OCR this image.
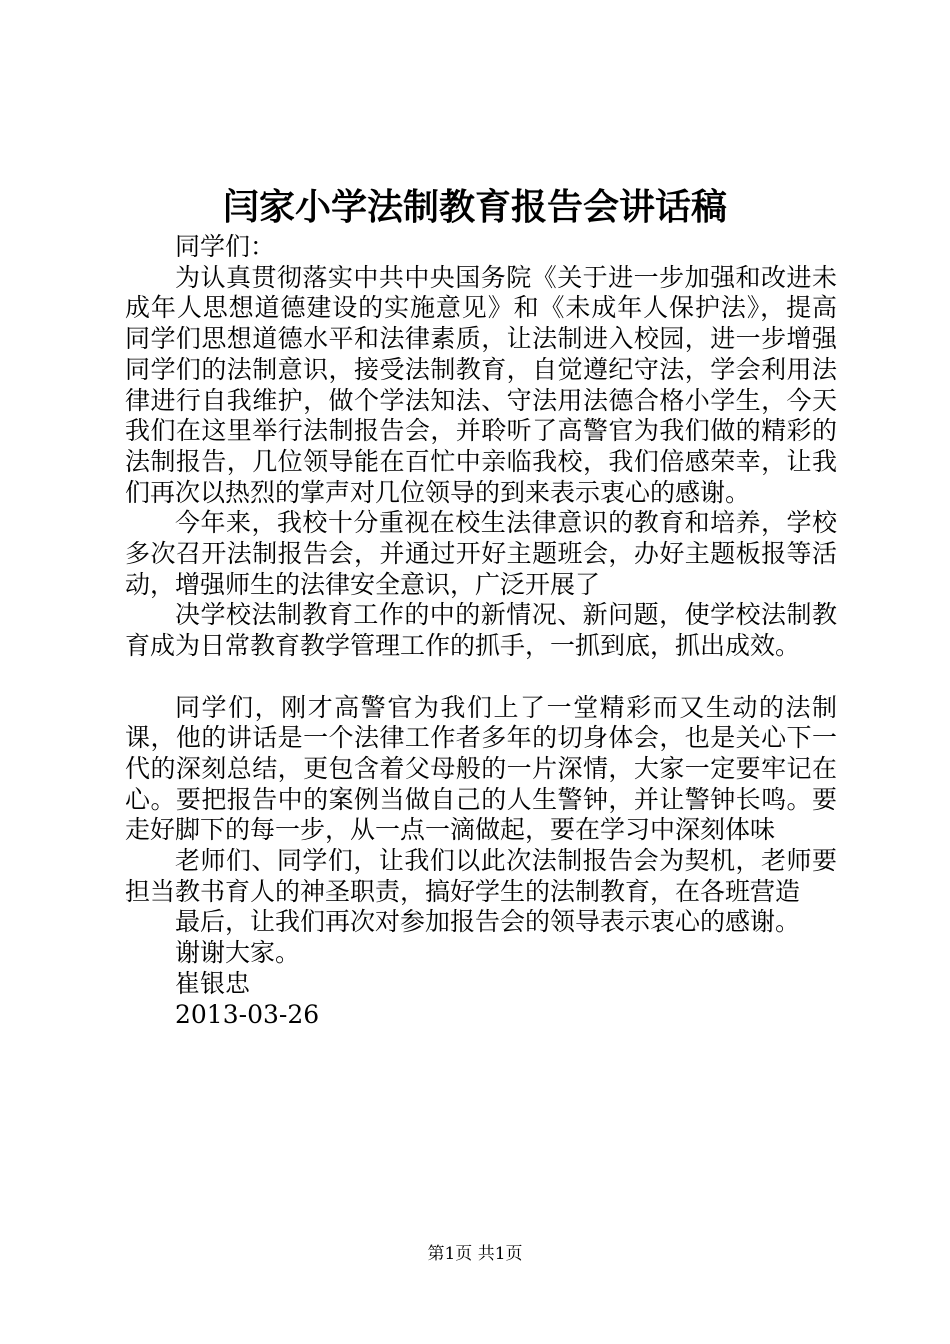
闫家小学法制教育报告会讲话稿

同学们：

为认真贯彻落实中共中央国务院《关于进一步加强和改进未成年人思想道德建设的实施意见》和《未成年人保护法》，提高同学们思想道德水平和法律素质，让法制进入校园，进一步增强同学们的法制意识，接受法制教育，自觉遵纪守法，学会利用法律进行自我维护，做个学法知法、守法用法德合格小学生，今天我们在这里举行法制报告会，并聆听了高警官为我们做的精彩的法制报告，几位领导能在百忙中亲临我校，我们倍感荣幸，让我们再次以热烈的掌声对几位领导的到来表示衷心的感谢。

今年来，我校十分重视在校生法律意识的教育和培养，学校多次召开法制报告会，并通过开好主题班会，办好主题板报等活动，增强师生的法律安全意识，广泛开展了

决学校法制教育工作的中的新情况、新问题，使学校法制教育成为日常教育教学管理工作的抓手，一抓到底，抓出成效。

同学们，刚才高警官为我们上了一堂精彩而又生动的法制课，他的讲话是一个法律工作者多年的切身体会，也是关心下一代的深刻总结，更包含着父母般的一片深情，大家一定要牢记在心。要把报告中的案例当做自己的人生警钟，并让警钟长鸣。要走好脚下的每一步，从一点一滴做起，要在学习中深刻体味

老师们、同学们，让我们以此次法制报告会为契机，老师要担当教书育人的神圣职责，搞好学生的法制教育，在各班营造

最后，让我们再次对参加报告会的领导表示衷心的感谢。

谢谢大家。

崔银忠

2013-03-26

第1页 共1页
